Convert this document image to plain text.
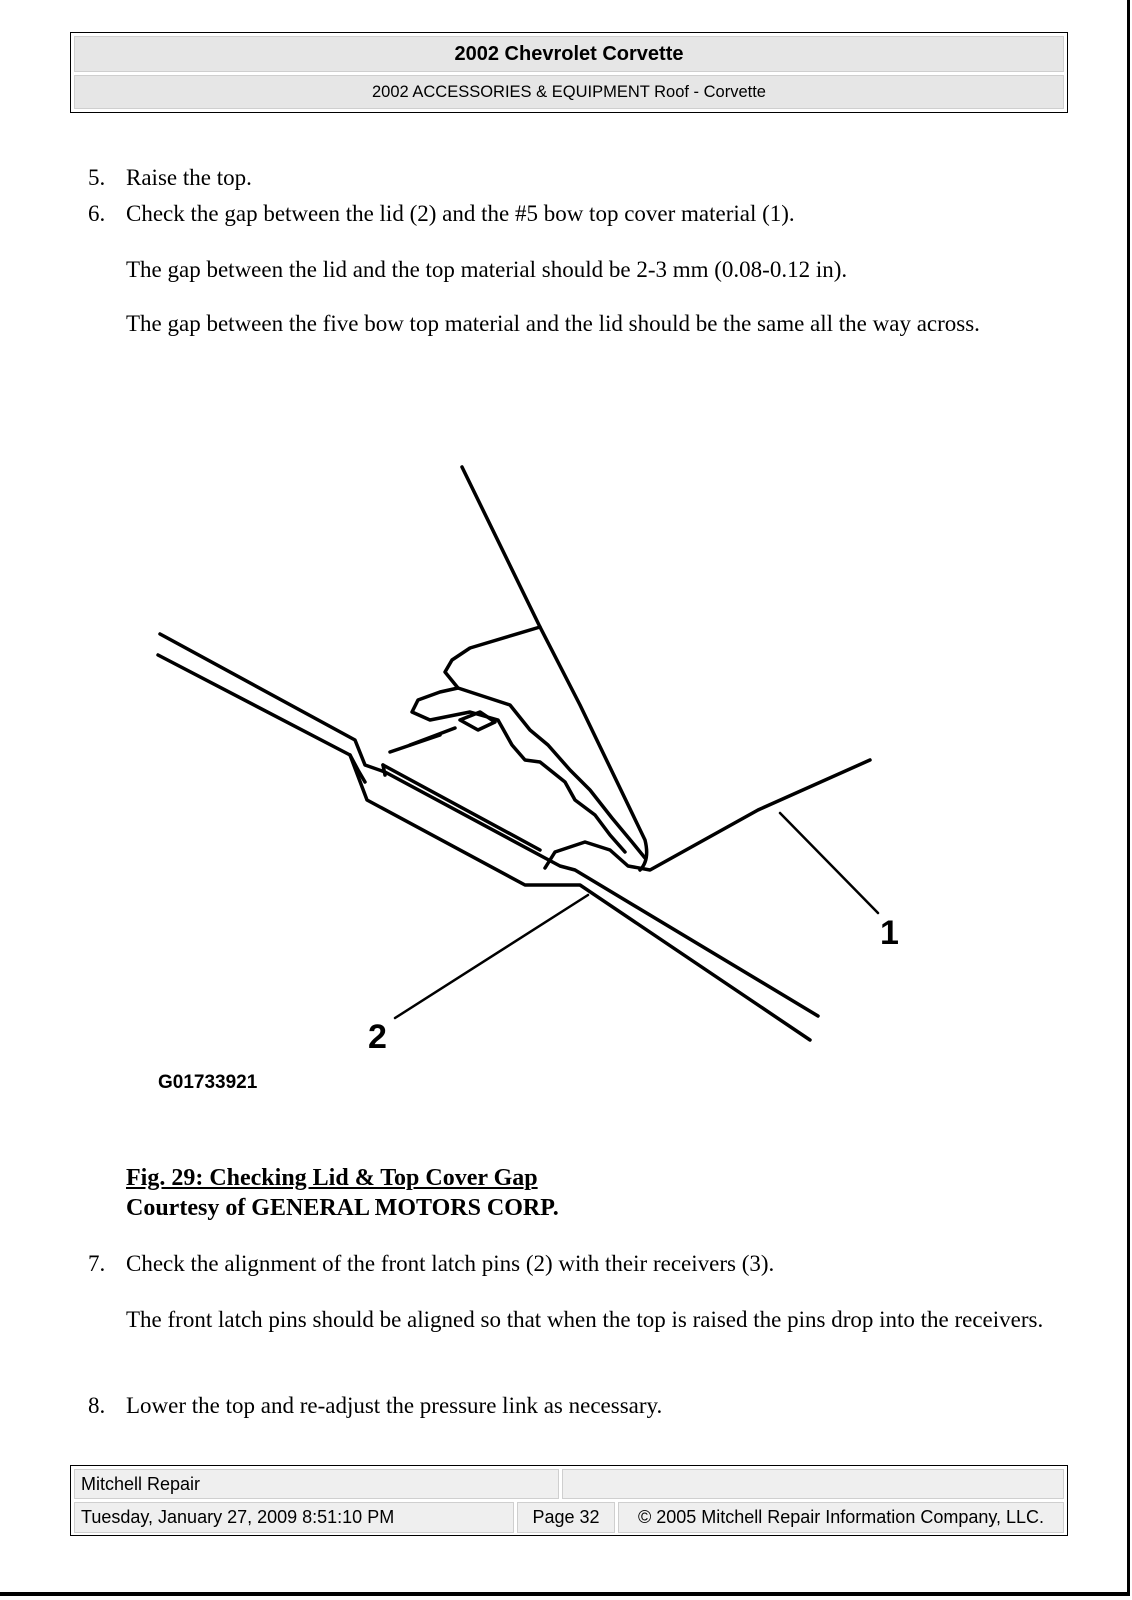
2002 Chevrolet Corvette
2002 ACCESSORIES & EQUIPMENT Roof - Corvette
5. Raise the top.
6. Check the gap between the lid (2) and the #5 bow top cover material (1).
The gap between the lid and the top material should be 2-3 mm (0.08-0.12 in).
The gap between the five bow top material and the lid should be the same all the way across.
1
2
G01733921
Fig. 29: Checking Lid & Top Cover Gap
Courtesy of GENERAL MOTORS CORP.
7. Check the alignment of the front latch pins (2) with their receivers (3).
The front latch pins should be aligned so that when the top is raised the pins drop into the receivers.
8. Lower the top and re-adjust the pressure link as necessary.
Mitchell Repair
Tuesday, January 27, 2009 8:51:10 PM	Page 32	© 2005 Mitchell Repair Information Company, LLC.
